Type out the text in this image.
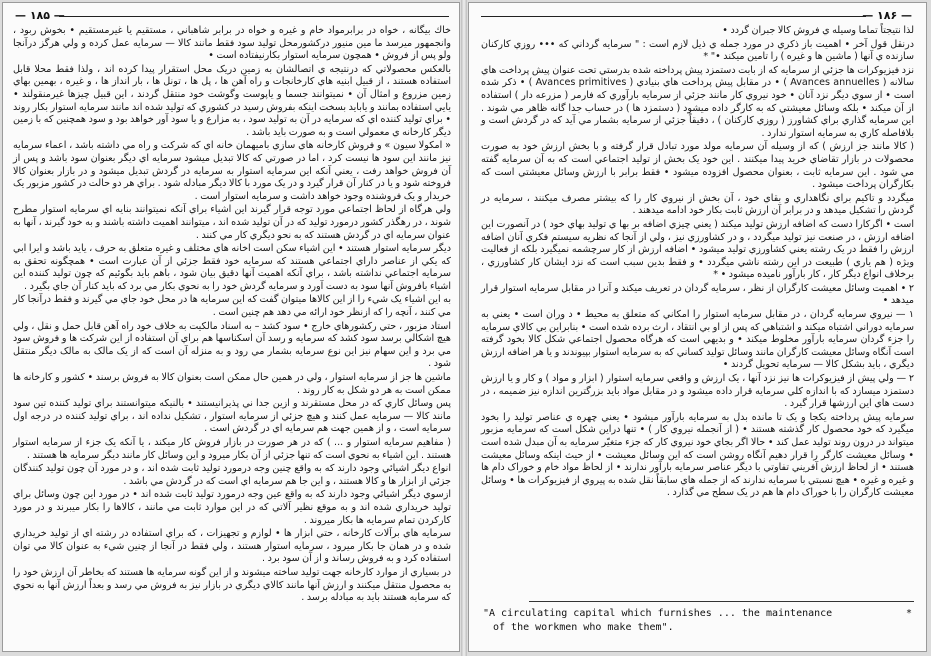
— ۱۸۵ —

خاك بيگانه ، خواه در برابرمواد خام و غيره و خواه در برابر شاهباني ، مستقيم يا غيرمستقيم • بخوش ربود ، وانجمهور ميرسد ما مين منيور درکشورمحل توليد سود فقط مانند کالا — سرمايه عمل کرده و ولي هرگز درآنجا ولو پس از فروش • همچون سرمايه استوار بکارنيفتاده است •

بالعکس محصولاتي که درنتيجه ي اتصالشان به زمين دريک محل استقرار پيدا کرده اند ، ولذا فقط محلا قابل استفاده هستند ، از قبيل ابنيه هاي کارخانجات و راه آهن ها ، پل ها ، تونل ها ، بار انداز ها ، و غيره ، بهمين بهاي زمين مزروع و امثال آن • نميتوانند جسما و ياپوست وگوشت خود منتقل گردند ، اين قبيل چيزها غيرمنقولند • يايي استفاده بمانند و يابايد بسخت اينکه بفروش رسيد در کشوري که توليد شده اند مانند سرمايه استوار بکار روند • براي توليد کننده اي که سرمايه در آن به توليد سود ، به مزارع و يا سود آور خواهد بود و سود همچنين که با زمين ديگر کارخانه ي معمولي است و به صورت بايد باشد .

« امکولا سيون » و فروش کارخانه هاي سازي باميهمان خانه اي که شرکت و راه مي داشته باشد ، اعماء سرمايه نيز مانند اين سود ها نيست کرد ، اما در صورتي که کالا تبديل ميشود سرمايه اي ديگر بعنوان سود باشد و پس از آن فروش خواهد رفت ، يعني آنکه اين سرمايه استوار به سرمايه در گردش تبديل ميشود و در بازار بعنوان کالا فروخته شود و يا در کنار آن قرار گيرد و در يک مورد با کالا ديگر مبادله شود . براي هر دو حالت در کشور مزبور يک خريدار و يک فروشنده وجود خواهد داشت و سرمايه استوار است .

ولي هرگاه از لحاظ اجتماعي مورد توجه قرار گيرند اين اشياء براي آنکه نميتوانند بنايه اي سرمايه استوار مطرح شوند ، در رهگذر کشور درمورد توليد که در آن توليد شده اند ، ميتوانند اهميت داشته باشند و به خود گيرند ، آنها به عنوان سرمايه اي در گردش هستند که به نحو ديگري کار مي کنند .

ديگر سرمايه استوار هستند • اين اشياء سکن است اخانه هاي مختلف و غيره متعلق به حرف ، يايد باشد و ايرا ابي که يکي از عناصر داراي اجتماعي هستند که سرمايه خود فقط جزئي از آن عبارت است • همچگونه تحقق به سرمايه اجتماعي نداشته باشد ، براي آنکه اهميت آنها دقيق بيان شود ، باهم بايد بگوئيم که چون توليد کننده اين اشياء بافروش آنها سود به دست آورد و سرمايه گردش خود را به نحوي بکار مي برد که بايد کنار آن جاي بگيرد .

به اين اشياء يک شيء را از اين کالاها ميتوان گفت که اين سرمايه ها در محل خود جاي مي گيرند و فقط درآنجا کار مي کنند ، آنچه را که ازنظر خود ارائه مي دهد هم چنين است .

استاد مزبور ، حتي رکشورهاي خارج • سود کشد – به اسناد مالکيت به خلاف خود راه آهن قابل حمل و نقل ، ولي هيچ اشکالي برسد سود کشد که سرمايه و رسد آن اسکناسها هم براي آن استفاده از اين شرکت ها و فروش سود مي برد و اين سهام نيز اين نوع سرمايه بشمار مي رود و به منزله آن است که از يک مالک به مالک ديگر منتقل شود .

ماشين ها جز از سرمايه استوار ، ولي در همين حال ممکن است بعنوان کالا به فروش برسند • کشور و کارخانه ها ممکن است به هر دو شکل به کار روند .

پس وسائل کاري که در محل مستقرند و ازين جدا ني پذيرانيستند • بالنيکه ميتوانستند براي توليد کننده تين سود مانند کالا — سرمايه عمل کنند و هيچ جزئي از سرمايه استوار ، تشکيل نداده اند ، براي توليد کننده در درجه اول سرمايه است ، و از همين جهت هم سرمايه اي در گردش است .

( مفاهيم سرمايه استوار و ... ) که در هر صورت در بازار فروش کار ميکند ، يا آنکه يک جزء از سرمايه استوار هستند . اين اشياء به نحوي است که تنها جزئي از آن بکار ميرود و اين وسائل کار مانند ديگر سرمايه ها هستند .

انواع ديگر اشيائي وجود دارند که به واقع چنين وجه درمورد توليد ثابت شده اند ، و در مورد آن چون توليد کنندگان جزئي از ابزار ها و کالا هستند ، و اين جا هم سرمايه اي است که در گردش مي باشد .

ازسوي ديگر اشيائي وجود دارند که به واقع عين وجه درمورد توليد ثابت شده اند • در مورد اين چون وسائل براي توليد خريداري شده اند و به موقع نظير آلاتي که در اين موارد ثابت مي مانند ، کالاها را بکار ميبرند و در مورد کارکردن تمام سرمايه ها بکار ميروند .

سرمايه هاي برآلات کارخانه ، حتي ابزار ها • لوازم و تجهيزات ، که براي استفاده در رشته اي از توليد خريداري شده و در همان جا بکار ميرود ، سرمايه استوار هستند ، ولي فقط در آنجا از چنين شيء به عنوان کالا مي توان استفاده کرد و به فروش رساند و از آن سود برد .

در بسياري از موارد کارخانه جهت توليد ساخته ميشوند و از اين گونه سرمايه ها هستند که بخاطر آن ارزش خود را به محصول منتقل ميکنند و ارزش آنها مانند کالاي ديگري در بازار نيز به فروش مي رسد و بعداً ارزش آنها به نحوي که سرمايه هستند بايد به مبادله برسد .

— ۱۸۶ —

لذا نتيجتاً تماما وسيله ي فروش کالا جبران گردد •

درنقل قول آخر • اهميت باز ذکري در مورد جمله ي ذيل لازم است : " سرمايه گرداني که ••• روزي کارکنان سازنده ي آنها ( ماشين ها و غيره ) را تامين ميکند •" *

نزد فيزيوکرات ها جزئي از سرمايه که از بابت دستمزد پيش پرداخته شده بدرستي تحت عنوان پيش پرداخت هاي سالانه ( Avances annuelles ) • در مقابل پيش پرداخت هاي بنيادي ( Avances primitives ) • ذکر شده است • از سوي ديگر نزد آنان • خود نيروي کار مانند جزئي از سرمايه بارآوري که فارمر ( مزرعه دار ) استفاده از آن ميکند • بلکه وسائل معيشتي که به کارگر داده ميشود ( دستمزد ها ) در حساب جدا گانه ظاهر مي شوند . اين سرمايه گذاري براي کشاورز ( روزي کارکنان ) ، دقيقاً جزئي از سرمايه بشمار مي آيد که در گردش است و بلافاصله کاري به سرمايه استوار ندارد .

( کالا مانند جز ارزش ) که از وسيله آن سرمايه مولد مورد تبادل قرار گرفته و با بخش ارزش خود به صورت محصولات در بازار تقاضاي خريد پيدا ميکنند . اين خود يک بخش از توليد اجتماعي است که به آن سرمايه گفته مي شود . اين سرمايه ثابت ، بعنوان محصول افزوده ميشود • فقط برابر با ارزش وسائل معيشتي است که بکارگران پرداخت ميشود .

ميگردد و تاکيم براي نگاهداري و بقاي خود ، آن بخش از نيروي کار را که بيشتر مصرف ميکنند ، سرمايه در گردش را تشکيل ميدهد و در برابر آن ارزش ثابت بکار خود ادامه ميدهند .

است • اگرکارا دست که اضافه ارزش توليد ميکند ( يعني چيزي اضافه بر بها ي توليد بهاي خود ) در آنصورت اين اضافه ارزش ، در صنعت نيز توليد ميگردد ، و در کشاورزي نيز ، ولي از آنجا که نظريه سيستم فکري آنان اضافه ارزش را فقط در يک رشته يعني کشاورزي توليد ميشود • اضافه ارزش از کار سرچشمه نميگيرد بلکه از فعاليت ويژه ( هم ياري ) طبيعت در اين رشته ناشي ميگردد • و فقط بدين سبب است که نزد ايشان کار کشاورزي ، برخلاف انواع ديگر کار ، کار بارآور ناميده ميشود • *

۲ • اهميت وسائل معيشت کارگران از نظر ، سرمايه گردان در تعريف ميکند و آنرا در مقابل سرمايه استوار قرار ميدهد •

۱ — نيروي سرمايه گردان ، در مقابل سرمايه استوار را امکاني که متعلق به محيط • د وران است • يعني به سرمايه دوراني اشتباه ميکند و اشتباهي که پس از او بي انتقاد ، ارث برده شده است • بنابراين بي کالاي سرمايه را جزء گردان سرمايه بارآور مخلوط ميکند • و بديهي است که هرگاه محصول اجتماعي شکل کالا بخود گرفته است آنگاه وسائل معيشت کارگران مانند وسائل توليد کساني که به سرمايه استوار بپيوندند و يا هر اضافه ارزش ديگري ، بايد بشکل کالا — سرمايه تحويل گردند •

۲ — ولي پيش از فيزيوکرات ها نيز نزد آنها ، يک ارزش و واقعي سرمايه استوار ( ابزار و مواد ) و کار و يا ارزش دستمزد ميسازد که با اندازه کلي سرمايه قرار داده ميشود و در مقابل مواد بايد بزرگترين اندازه نيز ضميمه ، در دست هاي اين ارزشها قرار گيرد .

سرمايه پيش پرداخته يکجا و يک تا مانده بدل به سرمايه بارآور ميشود • يعني چهره ي عناصر توليد را بخود ميگيرد که خود محصول کار گذشته هستند • ( از آنجمله نيروي کار ) • تنها دراين شکل است که سرمايه مزبور ميتواند در درون روند توليد عمل کند • حالا اگر بجاي خود نيروي کار که جزء متغيّر سرمايه به آن مبدل شده است • وسائل معيشت کارگر را قرار دهيم آنگاه روشن است که اين وسائل معيشت • از حيث اينکه وسائل معيشت هستند • از لحاظ ارزش آفريني تفاوتي با ديگر عناصر سرمايه بارآور ندارند • از لحاظ مواد خام و خوراک دام ها و غيره و غيره • هيچ نسبتي با سرمايه ندارند که از جمله هاي سابقاً نقل شده به پيروي از فيزيوکرات ها • وسائل معيشت کارگران را با خوراک دام ها هم در يک سطح مي گذارد .

"A circulating capital which furnishes ... the maintenance
of the workmen who make them".
*
